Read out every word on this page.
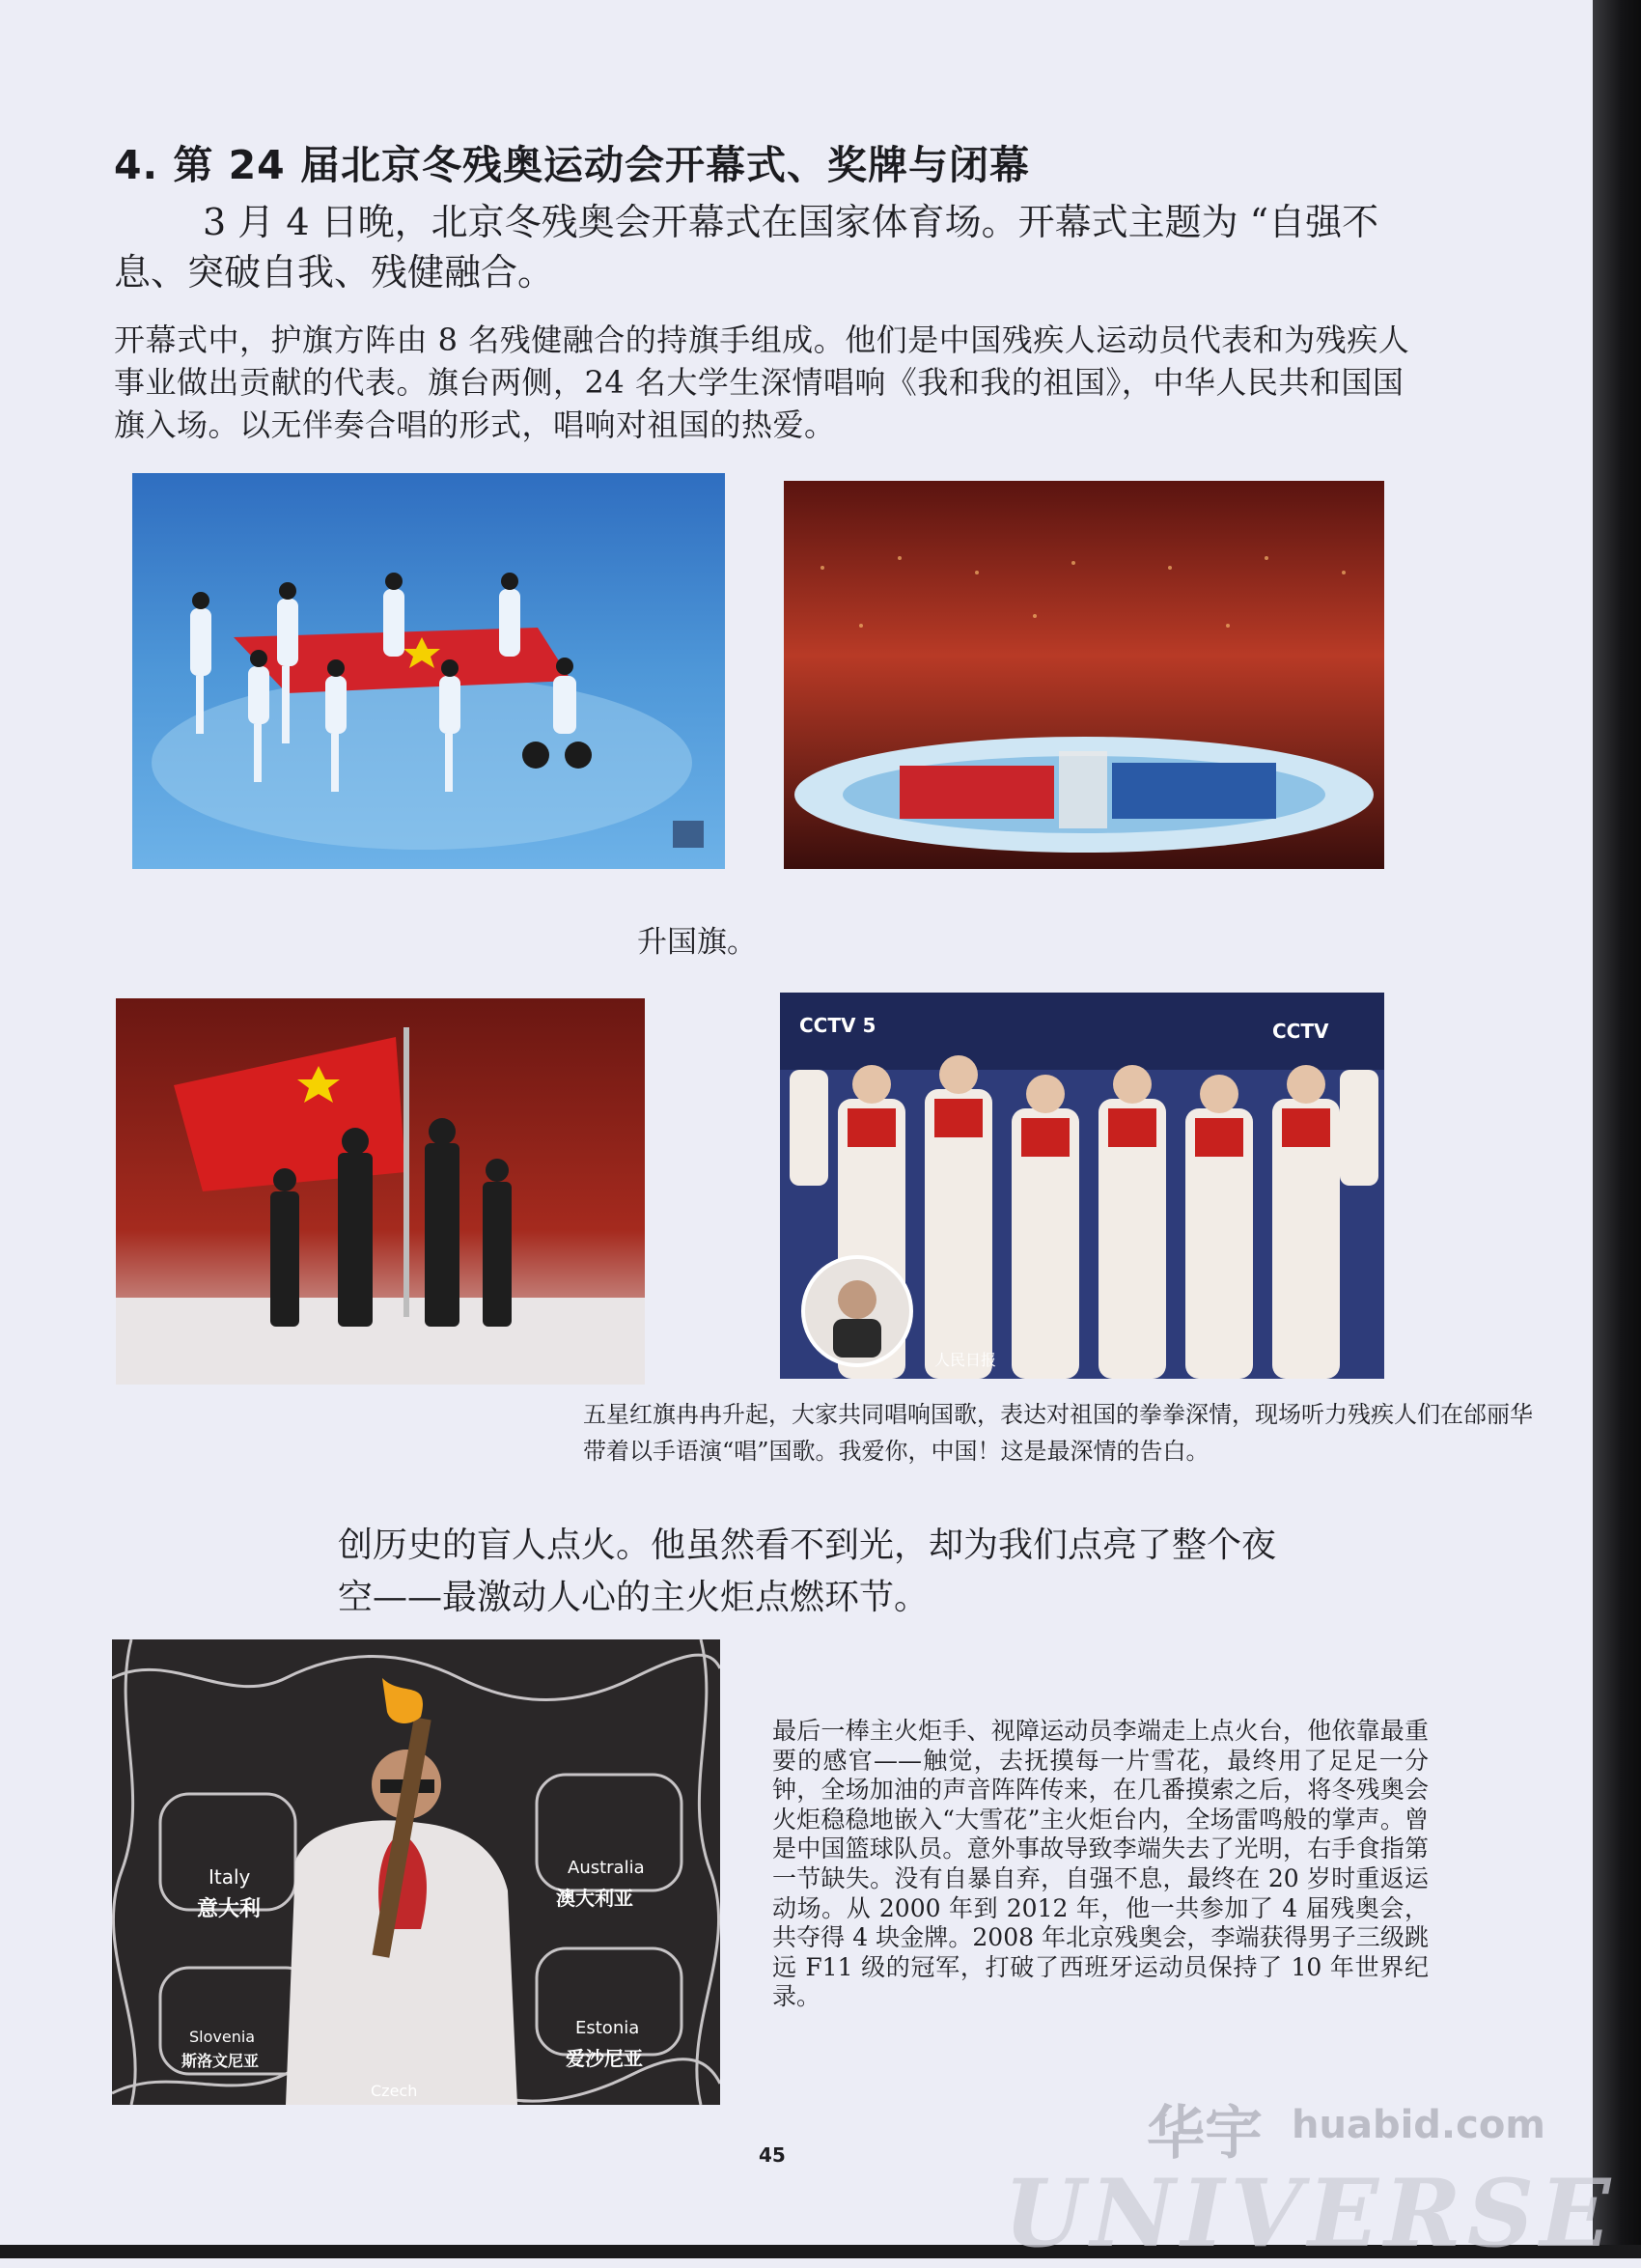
4. 第 24 届北京冬残奥运动会开幕式、奖牌与闭幕
3 月 4 日晚，北京冬残奥会开幕式在国家体育场。开幕式主题为 “自强不息、突破自我、残健融合。
开幕式中，护旗方阵由 8 名残健融合的持旗手组成。他们是中国残疾人运动员代表和为残疾人事业做出贡献的代表。旗台两侧，24 名大学生深情唱响《我和我的祖国》，中华人民共和国国旗入场。以无伴奏合唱的形式，唱响对祖国的热爱。
升国旗。
CCTV 5	CCTV
人民日报
五星红旗冉冉升起，大家共同唱响国歌，表达对祖国的拳拳深情，现场听力残疾人们在邰丽华带着以手语演“唱”国歌。我爱你，中国！这是最深情的告白。
创历史的盲人点火。他虽然看不到光，却为我们点亮了整个夜空——最激动人心的主火炬点燃环节。
Italy
意大利
Australia
澳大利亚
Slovenia
斯洛文尼亚
Estonia
爱沙尼亚
Czech
最后一棒主火炬手、视障运动员李端走上点火台，他依靠最重要的感官——触觉，去抚摸每一片雪花，最终用了足足一分钟，全场加油的声音阵阵传来，在几番摸索之后，将冬残奥会火炬稳稳地嵌入“大雪花”主火炬台内，全场雷鸣般的掌声。曾是中国篮球队员。意外事故导致李端失去了光明，右手食指第一节缺失。没有自暴自弃，自强不息，最终在 20 岁时重返运动场。从 2000 年到 2012 年，他一共参加了 4 届残奥会，共夺得 4 块金牌。2008 年北京残奥会，李端获得男子三级跳远 F11 级的冠军，打破了西班牙运动员保持了 10 年世界纪录。
45	华宇 huabid.com
UNIVERSE
